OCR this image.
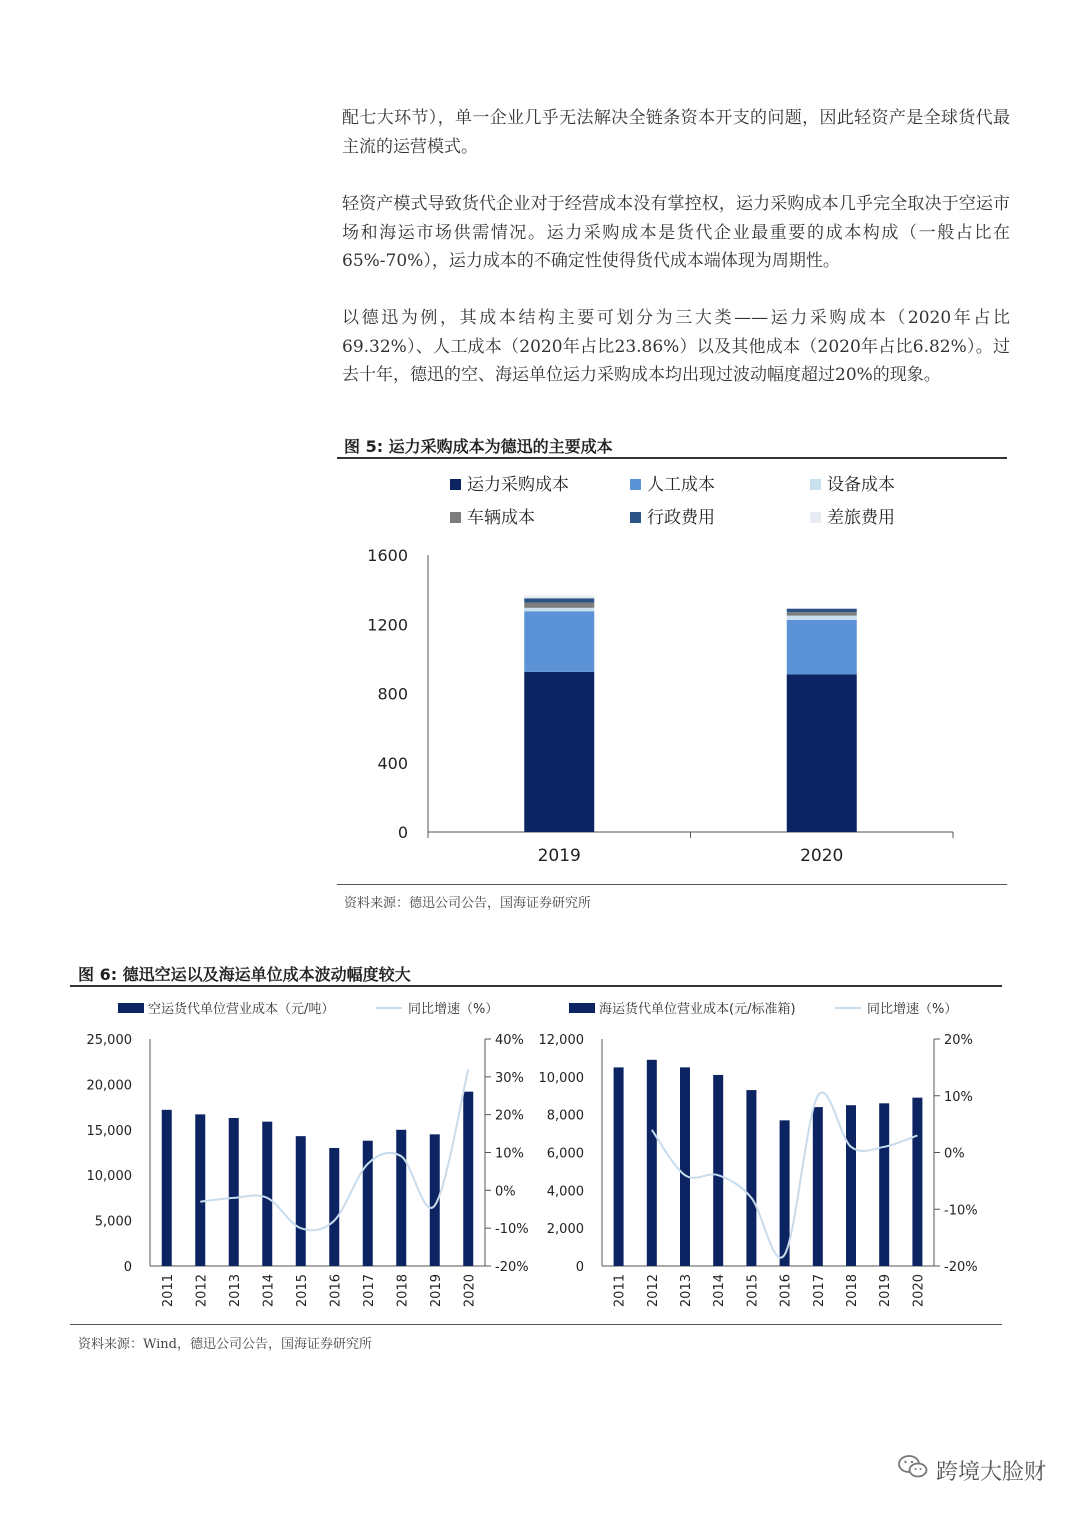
配七大环节），单一企业几乎无法解决全链条资本开支的问题，因此轻资产是全球货代最主流的运营模式。

轻资产模式导致货代企业对于经营成本没有掌控权，运力采购成本几乎完全取决于空运市场和海运市场供需情况。运力采购成本是货代企业最重要的成本构成（一般占比在65%-70%），运力成本的不确定性使得货代成本端体现为周期性。

以德迅为例，其成本结构主要可划分为三大类——运力采购成本（2020年占比69.32%）、人工成本（2020年占比23.86%）以及其他成本（2020年占比6.82%）。过去十年，德迅的空、海运单位运力采购成本均出现过波动幅度超过20%的现象。

图 5: 运力采购成本为德迅的主要成本
运力采购成本	人工成本	设备成本
车辆成本	行政费用	差旅费用
0
400
800
1200
1600
2019	2020
资料来源：德迅公司公告，国海证券研究所
图 6: 德迅空运以及海运单位成本波动幅度较大
空运货代单位营业成本（元/吨）	同比增速（%）
0
5,000
10,000
15,000
20,000
25,000
-20%
-10%
0%
10%
20%
30%
40%
2011 2012 2013 2014 2015 2016 2017 2018 2019 2020
海运货代单位营业成本(元/标准箱)	同比增速（%）
0
2,000
4,000
6,000
8,000
10,000
12,000
-20%
-10%
0%
10%
20%
2011 2012 2013 2014 2015 2016 2017 2018 2019 2020
资料来源：Wind，德迅公司公告，国海证券研究所
跨境大脸财
